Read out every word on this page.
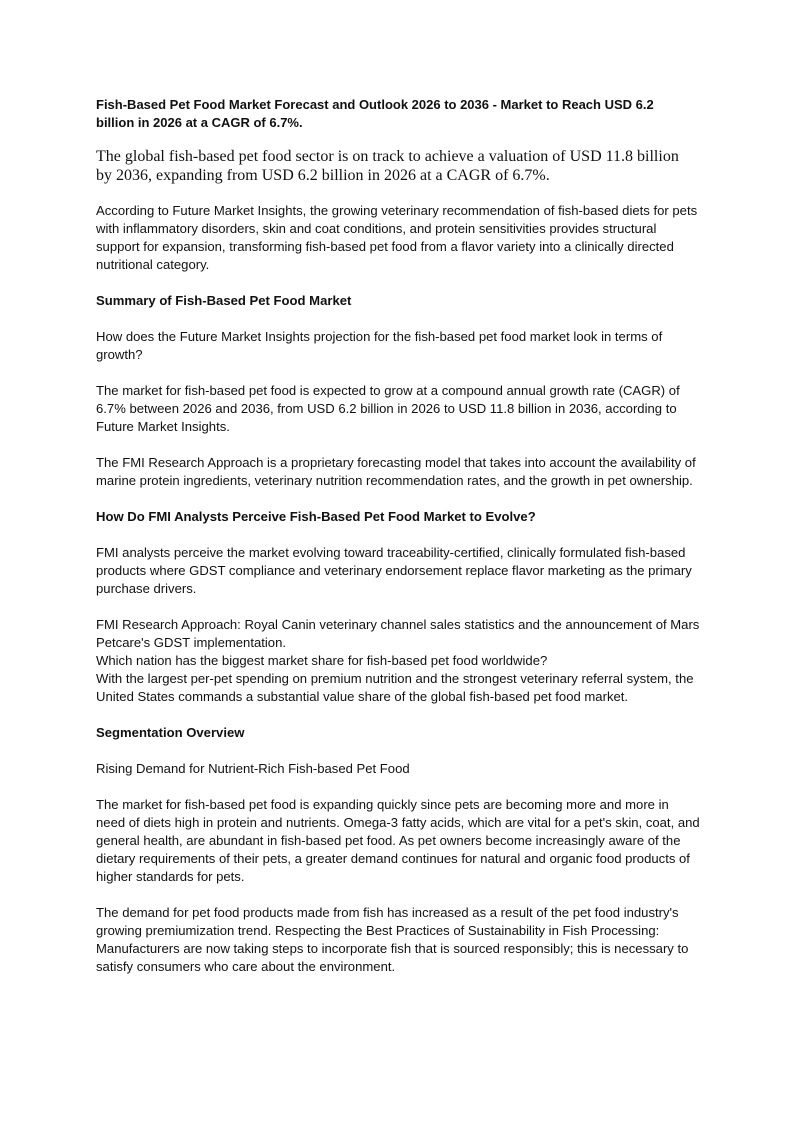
Fish-Based Pet Food Market Forecast and Outlook 2026 to 2036 - Market to Reach USD 6.2 billion in 2026 at a CAGR of 6.7%.

The global fish-based pet food sector is on track to achieve a valuation of USD 11.8 billion by 2036, expanding from USD 6.2 billion in 2026 at a CAGR of 6.7%.

According to Future Market Insights, the growing veterinary recommendation of fish-based diets for pets with inflammatory disorders, skin and coat conditions, and protein sensitivities provides structural support for expansion, transforming fish-based pet food from a flavor variety into a clinically directed nutritional category.

Summary of Fish-Based Pet Food Market

How does the Future Market Insights projection for the fish-based pet food market look in terms of growth?

The market for fish-based pet food is expected to grow at a compound annual growth rate (CAGR) of 6.7% between 2026 and 2036, from USD 6.2 billion in 2026 to USD 11.8 billion in 2036, according to Future Market Insights.

The FMI Research Approach is a proprietary forecasting model that takes into account the availability of marine protein ingredients, veterinary nutrition recommendation rates, and the growth in pet ownership.

How Do FMI Analysts Perceive Fish-Based Pet Food Market to Evolve?

FMI analysts perceive the market evolving toward traceability-certified, clinically formulated fish-based products where GDST compliance and veterinary endorsement replace flavor marketing as the primary purchase drivers.

FMI Research Approach: Royal Canin veterinary channel sales statistics and the announcement of Mars Petcare's GDST implementation.

Which nation has the biggest market share for fish-based pet food worldwide?

With the largest per-pet spending on premium nutrition and the strongest veterinary referral system, the United States commands a substantial value share of the global fish-based pet food market.

Segmentation Overview

Rising Demand for Nutrient-Rich Fish-based Pet Food

The market for fish-based pet food is expanding quickly since pets are becoming more and more in need of diets high in protein and nutrients. Omega-3 fatty acids, which are vital for a pet's skin, coat, and general health, are abundant in fish-based pet food. As pet owners become increasingly aware of the dietary requirements of their pets, a greater demand continues for natural and organic food products of higher standards for pets.

The demand for pet food products made from fish has increased as a result of the pet food industry's growing premiumization trend. Respecting the Best Practices of Sustainability in Fish Processing: Manufacturers are now taking steps to incorporate fish that is sourced responsibly; this is necessary to satisfy consumers who care about the environment.
